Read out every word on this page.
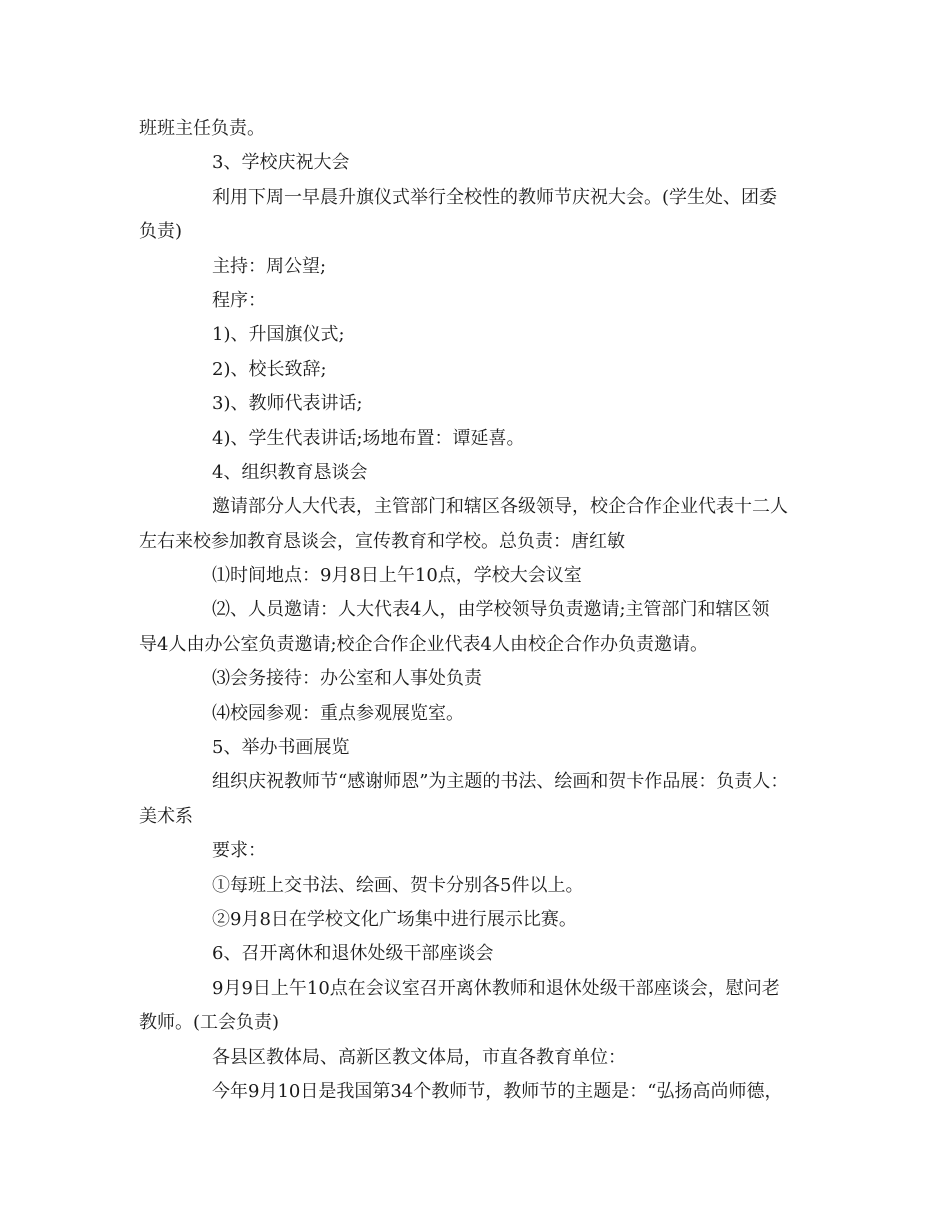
班班主任负责。
3、学校庆祝大会
利用下周一早晨升旗仪式举行全校性的教师节庆祝大会。(学生处、团委
负责)
主持：周公望;
程序：
1)、升国旗仪式;
2)、校长致辞;
3)、教师代表讲话;
4)、学生代表讲话;场地布置：谭延喜。
4、组织教育恳谈会
邀请部分人大代表，主管部门和辖区各级领导，校企合作企业代表十二人
左右来校参加教育恳谈会，宣传教育和学校。总负责：唐红敏
⑴时间地点：9月8日上午10点，学校大会议室
⑵、人员邀请：人大代表4人，由学校领导负责邀请;主管部门和辖区领
导4人由办公室负责邀请;校企合作企业代表4人由校企合作办负责邀请。
⑶会务接待：办公室和人事处负责
⑷校园参观：重点参观展览室。
5、举办书画展览
组织庆祝教师节“感谢师恩”为主题的书法、绘画和贺卡作品展：负责人：
美术系
要求：
①每班上交书法、绘画、贺卡分别各5件以上。
②9月8日在学校文化广场集中进行展示比赛。
6、召开离休和退休处级干部座谈会
9月9日上午10点在会议室召开离休教师和退休处级干部座谈会，慰问老
教师。(工会负责)
各县区教体局、高新区教文体局，市直各教育单位：
今年9月10日是我国第34个教师节，教师节的主题是：“弘扬高尚师德，
